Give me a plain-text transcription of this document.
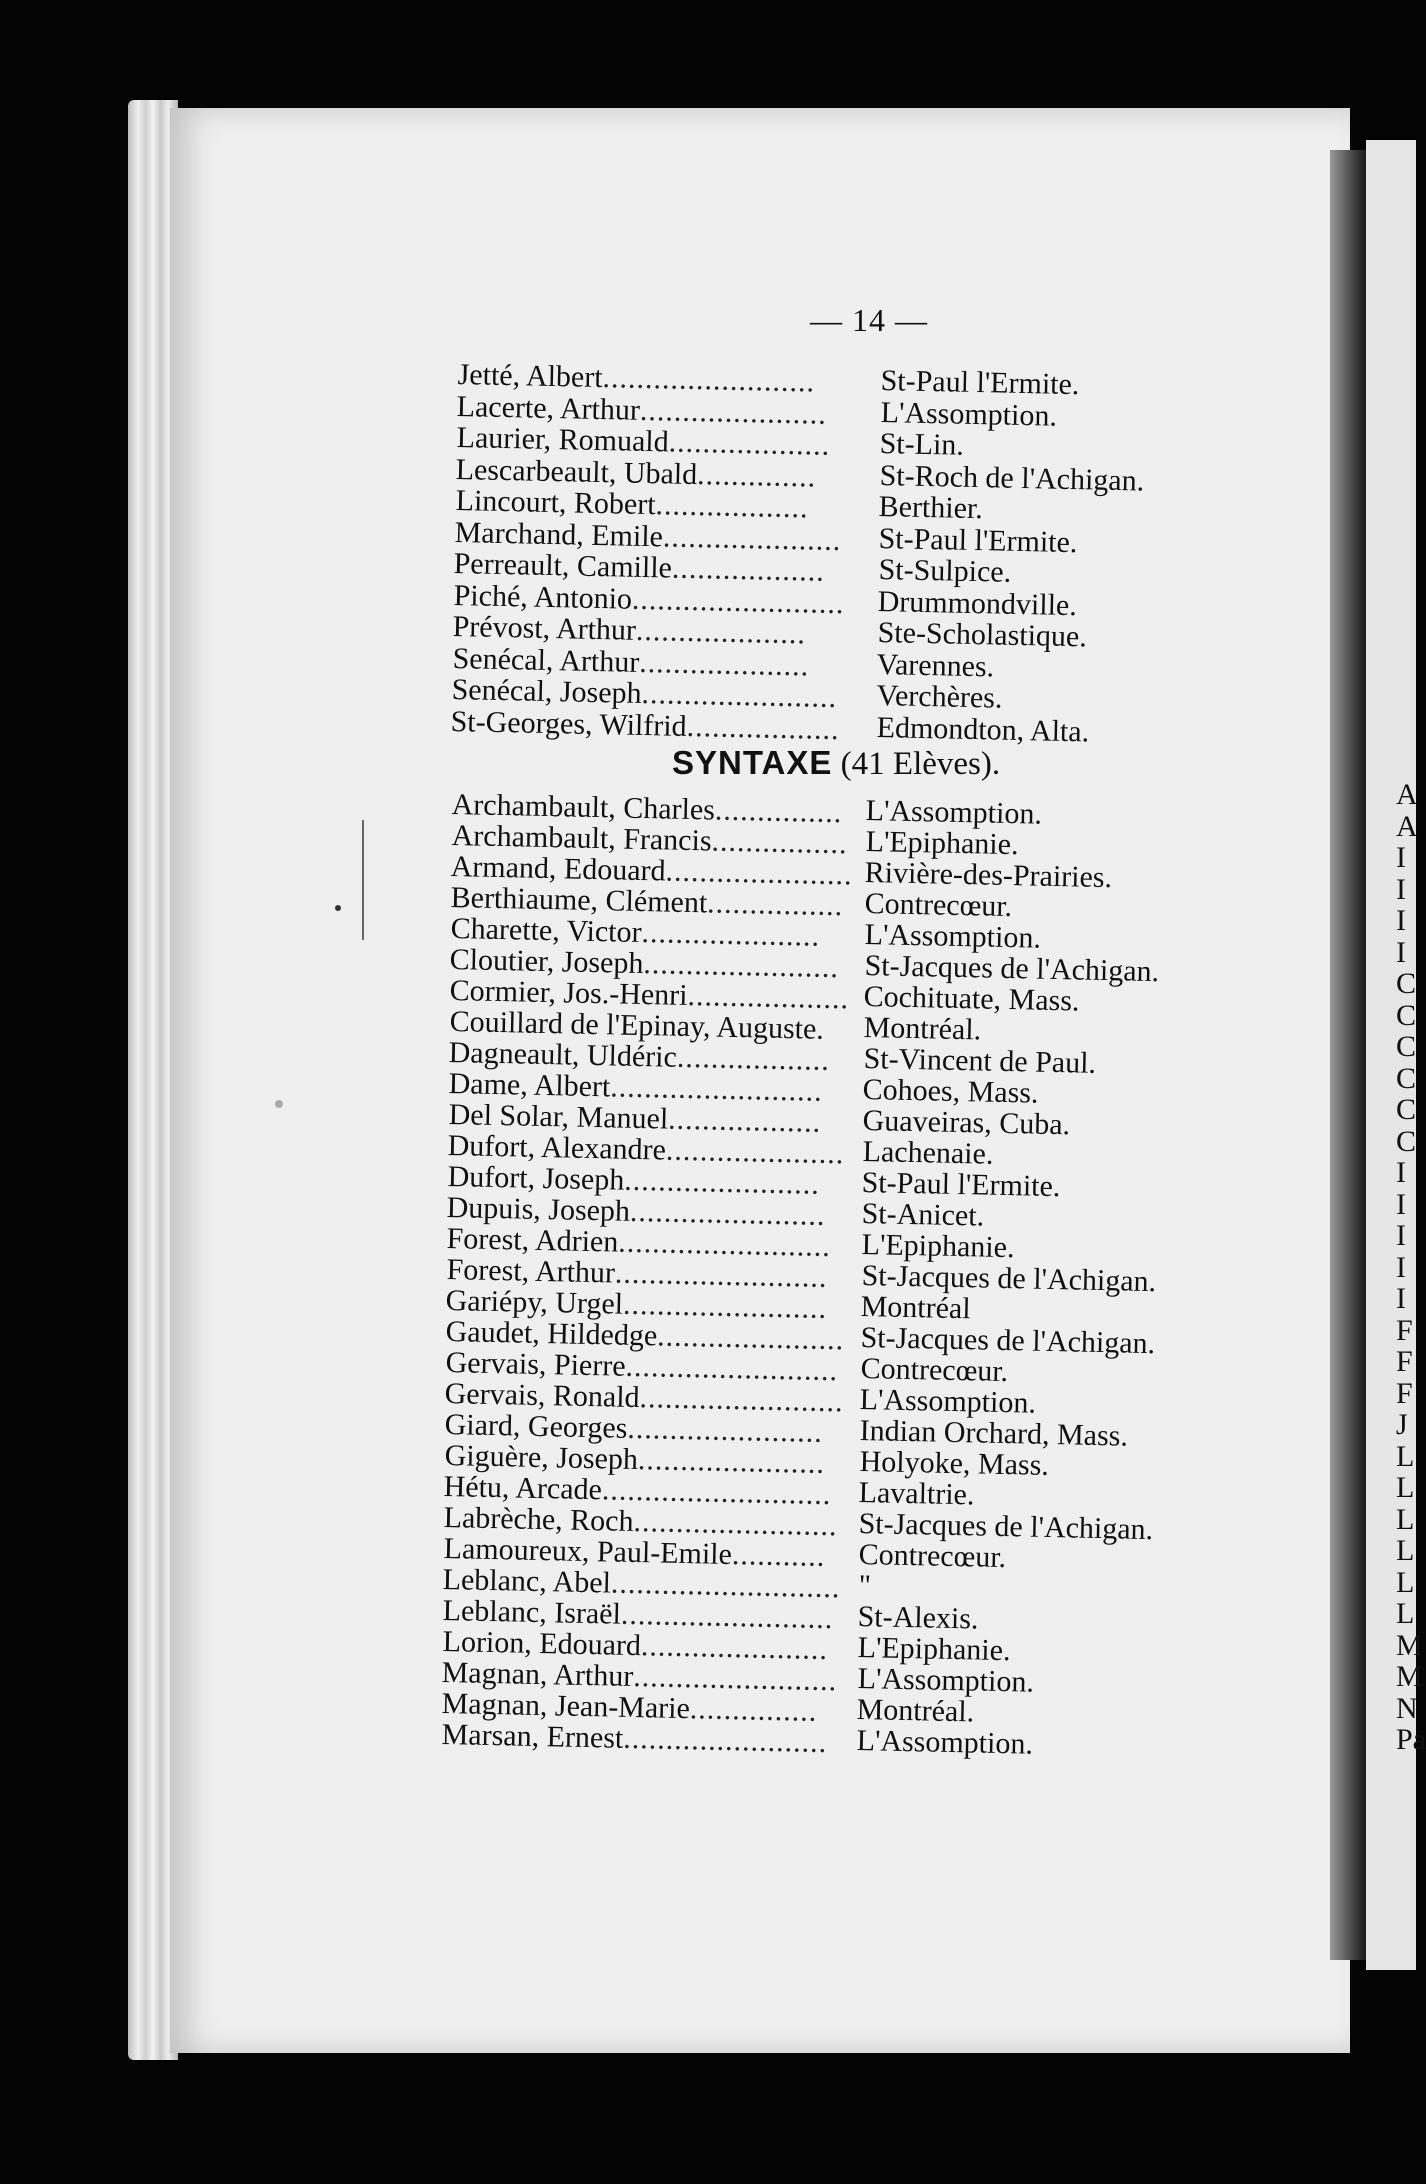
A
A
I
I
I
I
C
C
C
C
C
C
I
I
I
I
I
F
F
F
J
L
L
L
L
L
L
M
M
N
Pa
— 14 —
Jetté, Albert......................... St-Paul l'Ermite.
Lacerte, Arthur...................... L'Assomption.
Laurier, Romuald................... St-Lin.
Lescarbeault, Ubald.............. St-Roch de l'Achigan.
Lincourt, Robert.................. Berthier.
Marchand, Emile..................... St-Paul l'Ermite.
Perreault, Camille.................. St-Sulpice.
Piché, Antonio......................... Drummondville.
Prévost, Arthur.................... Ste-Scholastique.
Senécal, Arthur.................... Varennes.
Senécal, Joseph....................... Verchères.
St-Georges, Wilfrid.................. Edmondton, Alta.
Archambault, Charles............... L'Assomption.
Archambault, Francis................ L'Epiphanie.
Armand, Edouard...................... Rivière-des-Prairies.
Berthiaume, Clément................ Contrecœur.
Charette, Victor..................... L'Assomption.
Cloutier, Joseph....................... St-Jacques de l'Achigan.
Cormier, Jos.-Henri................... Cochituate, Mass.
Couillard de l'Epinay, Auguste. Montréal.
Dagneault, Uldéric.................. St-Vincent de Paul.
Dame, Albert......................... Cohoes, Mass.
Del Solar, Manuel.................. Guaveiras, Cuba.
Dufort, Alexandre..................... Lachenaie.
Dufort, Joseph....................... St-Paul l'Ermite.
Dupuis, Joseph....................... St-Anicet.
Forest, Adrien......................... L'Epiphanie.
Forest, Arthur......................... St-Jacques de l'Achigan.
Gariépy, Urgel........................ Montréal
Gaudet, Hildedge...................... St-Jacques de l'Achigan.
Gervais, Pierre......................... Contrecœur.
Gervais, Ronald........................ L'Assomption.
Giard, Georges....................... Indian Orchard, Mass.
Giguère, Joseph...................... Holyoke, Mass.
Hétu, Arcade........................... Lavaltrie.
Labrèche, Roch........................ St-Jacques de l'Achigan.
Lamoureux, Paul-Emile........... Contrecœur.
Leblanc, Abel........................... "
Leblanc, Israël......................... St-Alexis.
Lorion, Edouard...................... L'Epiphanie.
Magnan, Arthur........................ L'Assomption.
Magnan, Jean-Marie............... Montréal.
Marsan, Ernest........................ L'Assomption.
SYNTAXE (41 Elèves).
